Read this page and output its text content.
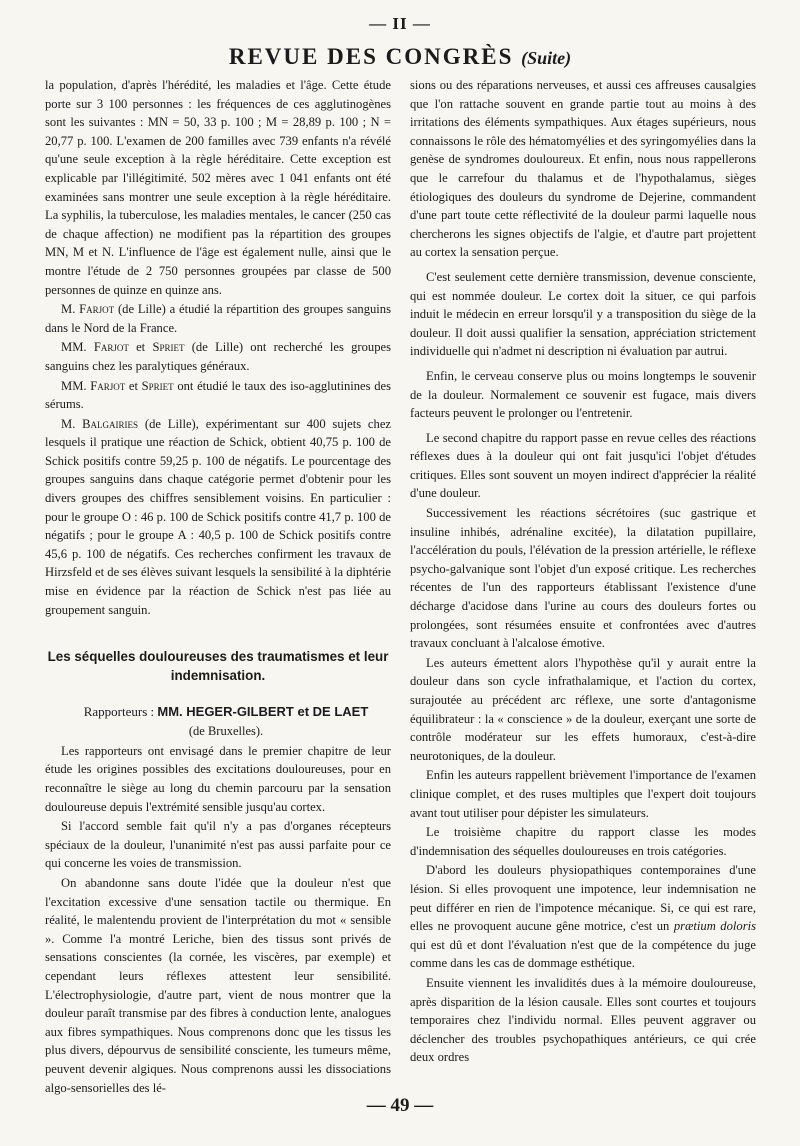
— II —
REVUE DES CONGRÈS (Suite)

la population, d'après l'hérédité, les maladies et l'âge. Cette étude porte sur 3 100 personnes : les fréquences de ces agglutinogènes sont les suivantes : MN = 50, 33 p. 100 ; M = 28,89 p. 100 ; N = 20,77 p. 100. L'examen de 200 familles avec 739 enfants n'a révélé qu'une seule exception à la règle héréditaire. Cette exception est explicable par l'illégitimité. 502 mères avec 1 041 enfants ont été examinées sans montrer une seule exception à la règle héréditaire. La syphilis, la tuberculose, les maladies mentales, le cancer (250 cas de chaque affection) ne modifient pas la répartition des groupes MN, M et N. L'influence de l'âge est également nulle, ainsi que le montre l'étude de 2 750 personnes groupées par classe de 500 personnes de quinze en quinze ans.

M. Farjot (de Lille) a étudié la répartition des groupes sanguins dans le Nord de la France.

MM. Farjot et Spriet (de Lille) ont recherché les groupes sanguins chez les paralytiques généraux.

MM. Farjot et Spriet ont étudié le taux des iso-agglutinines des sérums.

M. Balgairies (de Lille), expérimentant sur 400 sujets chez lesquels il pratique une réaction de Schick, obtient 40,75 p. 100 de Schick positifs contre 59,25 p. 100 de négatifs. Le pourcentage des groupes sanguins dans chaque catégorie permet d'obtenir pour les divers groupes des chiffres sensiblement voisins. En particulier : pour le groupe O : 46 p. 100 de Schick positifs contre 41,7 p. 100 de négatifs ; pour le groupe A : 40,5 p. 100 de Schick positifs contre 45,6 p. 100 de négatifs. Ces recherches confirment les travaux de Hirzsfeld et de ses élèves suivant lesquels la sensibilité à la diphtérie mise en évidence par la réaction de Schick n'est pas liée au groupement sanguin.

Les séquelles douloureuses des traumatismes et leur indemnisation.

Rapporteurs : MM. HEGER-GILBERT et DE LAET

(de Bruxelles).

Les rapporteurs ont envisagé dans le premier chapitre de leur étude les origines possibles des excitations douloureuses, pour en reconnaître le siège au long du chemin parcouru par la sensation douloureuse depuis l'extrémité sensible jusqu'au cortex.

Si l'accord semble fait qu'il n'y a pas d'organes récepteurs spéciaux de la douleur, l'unanimité n'est pas aussi parfaite pour ce qui concerne les voies de transmission.

On abandonne sans doute l'idée que la douleur n'est que l'excitation excessive d'une sensation tactile ou thermique. En réalité, le malentendu provient de l'interprétation du mot « sensible ». Comme l'a montré Leriche, bien des tissus sont privés de sensations conscientes (la cornée, les viscères, par exemple) et cependant leurs réflexes attestent leur sensibilité. L'électrophysiologie, d'autre part, vient de nous montrer que la douleur paraît transmise par des fibres à conduction lente, analogues aux fibres sympathiques. Nous comprenons donc que les tissus les plus divers, dépourvus de sensibilité consciente, les tumeurs même, peuvent devenir algiques. Nous comprenons aussi les dissociations algo-sensorielles des lé-

sions ou des réparations nerveuses, et aussi ces affreuses causalgies que l'on rattache souvent en grande partie tout au moins à des irritations des éléments sympathiques. Aux étages supérieurs, nous connaissons le rôle des hématomyélies et des syringomyélies dans la genèse de syndromes douloureux. Et enfin, nous nous rappellerons que le carrefour du thalamus et de l'hypothalamus, sièges étiologiques des douleurs du syndrome de Dejerine, commandent d'une part toute cette réflectivité de la douleur parmi laquelle nous chercherons les signes objectifs de l'algie, et d'autre part projettent au cortex la sensation perçue.

C'est seulement cette dernière transmission, devenue consciente, qui est nommée douleur. Le cortex doit la situer, ce qui parfois induit le médecin en erreur lorsqu'il y a transposition du siège de la douleur. Il doit aussi qualifier la sensation, appréciation strictement individuelle qui n'admet ni description ni évaluation par autrui.

Enfin, le cerveau conserve plus ou moins longtemps le souvenir de la douleur. Normalement ce souvenir est fugace, mais divers facteurs peuvent le prolonger ou l'entretenir.

Le second chapitre du rapport passe en revue celles des réactions réflexes dues à la douleur qui ont fait jusqu'ici l'objet d'études critiques. Elles sont souvent un moyen indirect d'apprécier la réalité d'une douleur.

Successivement les réactions sécrétoires (suc gastrique et insuline inhibés, adrénaline excitée), la dilatation pupillaire, l'accélération du pouls, l'élévation de la pression artérielle, le réflexe psycho-galvanique sont l'objet d'un exposé critique. Les recherches récentes de l'un des rapporteurs établissant l'existence d'une décharge d'acidose dans l'urine au cours des douleurs fortes ou prolongées, sont résumées ensuite et confrontées avec d'autres travaux concluant à l'alcalose émotive.

Les auteurs émettent alors l'hypothèse qu'il y aurait entre la douleur dans son cycle infrathalamique, et l'action du cortex, surajoutée au précédent arc réflexe, une sorte d'antagonisme équilibrateur : la « conscience » de la douleur, exerçant une sorte de contrôle modérateur sur les effets humoraux, c'est-à-dire neurotoniques, de la douleur.

Enfin les auteurs rappellent brièvement l'importance de l'examen clinique complet, et des ruses multiples que l'expert doit toujours avant tout utiliser pour dépister les simulateurs.

Le troisième chapitre du rapport classe les modes d'indemnisation des séquelles douloureuses en trois catégories.

D'abord les douleurs physiopathiques contemporaines d'une lésion. Si elles provoquent une impotence, leur indemnisation ne peut différer en rien de l'impotence mécanique. Si, ce qui est rare, elles ne provoquent aucune gêne motrice, c'est un prætium doloris qui est dû et dont l'évaluation n'est que de la compétence du juge comme dans les cas de dommage esthétique.

Ensuite viennent les invalidités dues à la mémoire douloureuse, après disparition de la lésion causale. Elles sont courtes et toujours temporaires chez l'individu normal. Elles peuvent aggraver ou déclencher des troubles psychopathiques antérieurs, ce qui crée deux ordres

— 49 —
